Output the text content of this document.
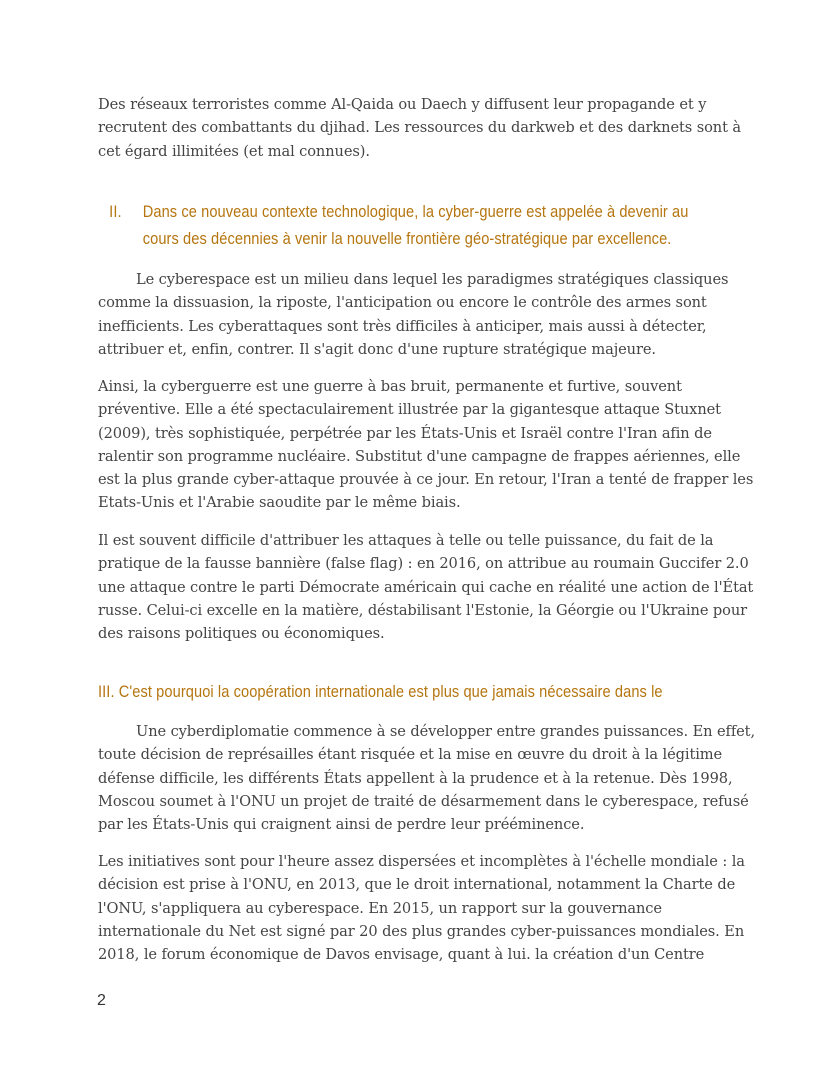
Des réseaux terroristes comme Al-Qaida ou Daech y diffusent leur propagande et y
recrutent des combattants du djihad. Les ressources du darkweb et des darknets sont à
cet égard illimitées (et mal connues).

II. Dans ce nouveau contexte technologique, la cyber-guerre est appelée à devenir au
cours des décennies à venir la nouvelle frontière géo-stratégique par excellence.

Le cyberespace est un milieu dans lequel les paradigmes stratégiques classiques
comme la dissuasion, la riposte, l'anticipation ou encore le contrôle des armes sont
inefficients. Les cyberattaques sont très difficiles à anticiper, mais aussi à détecter,
attribuer et, enfin, contrer. Il s'agit donc d'une rupture stratégique majeure.

Ainsi, la cyberguerre est une guerre à bas bruit, permanente et furtive, souvent
préventive. Elle a été spectaculairement illustrée par la gigantesque attaque Stuxnet
(2009), très sophistiquée, perpétrée par les États-Unis et Israël contre l'Iran afin de
ralentir son programme nucléaire. Substitut d'une campagne de frappes aériennes, elle
est la plus grande cyber-attaque prouvée à ce jour. En retour, l'Iran a tenté de frapper les
Etats-Unis et l'Arabie saoudite par le même biais.

Il est souvent difficile d'attribuer les attaques à telle ou telle puissance, du fait de la
pratique de la fausse bannière (false flag) : en 2016, on attribue au roumain Guccifer 2.0
une attaque contre le parti Démocrate américain qui cache en réalité une action de l'État
russe. Celui-ci excelle en la matière, déstabilisant l'Estonie, la Géorgie ou l'Ukraine pour
des raisons politiques ou économiques.

III. C'est pourquoi la coopération internationale est plus que jamais nécessaire dans le

Une cyberdiplomatie commence à se développer entre grandes puissances. En effet,
toute décision de représailles étant risquée et la mise en œuvre du droit à la légitime
défense difficile, les différents États appellent à la prudence et à la retenue. Dès 1998,
Moscou soumet à l'ONU un projet de traité de désarmement dans le cyberespace, refusé
par les États-Unis qui craignent ainsi de perdre leur prééminence.

Les initiatives sont pour l'heure assez dispersées et incomplètes à l'échelle mondiale : la
décision est prise à l'ONU, en 2013, que le droit international, notamment la Charte de
l'ONU, s'appliquera au cyberespace. En 2015, un rapport sur la gouvernance
internationale du Net est signé par 20 des plus grandes cyber-puissances mondiales. En
2018, le forum économique de Davos envisage, quant à lui. la création d'un Centre

2
